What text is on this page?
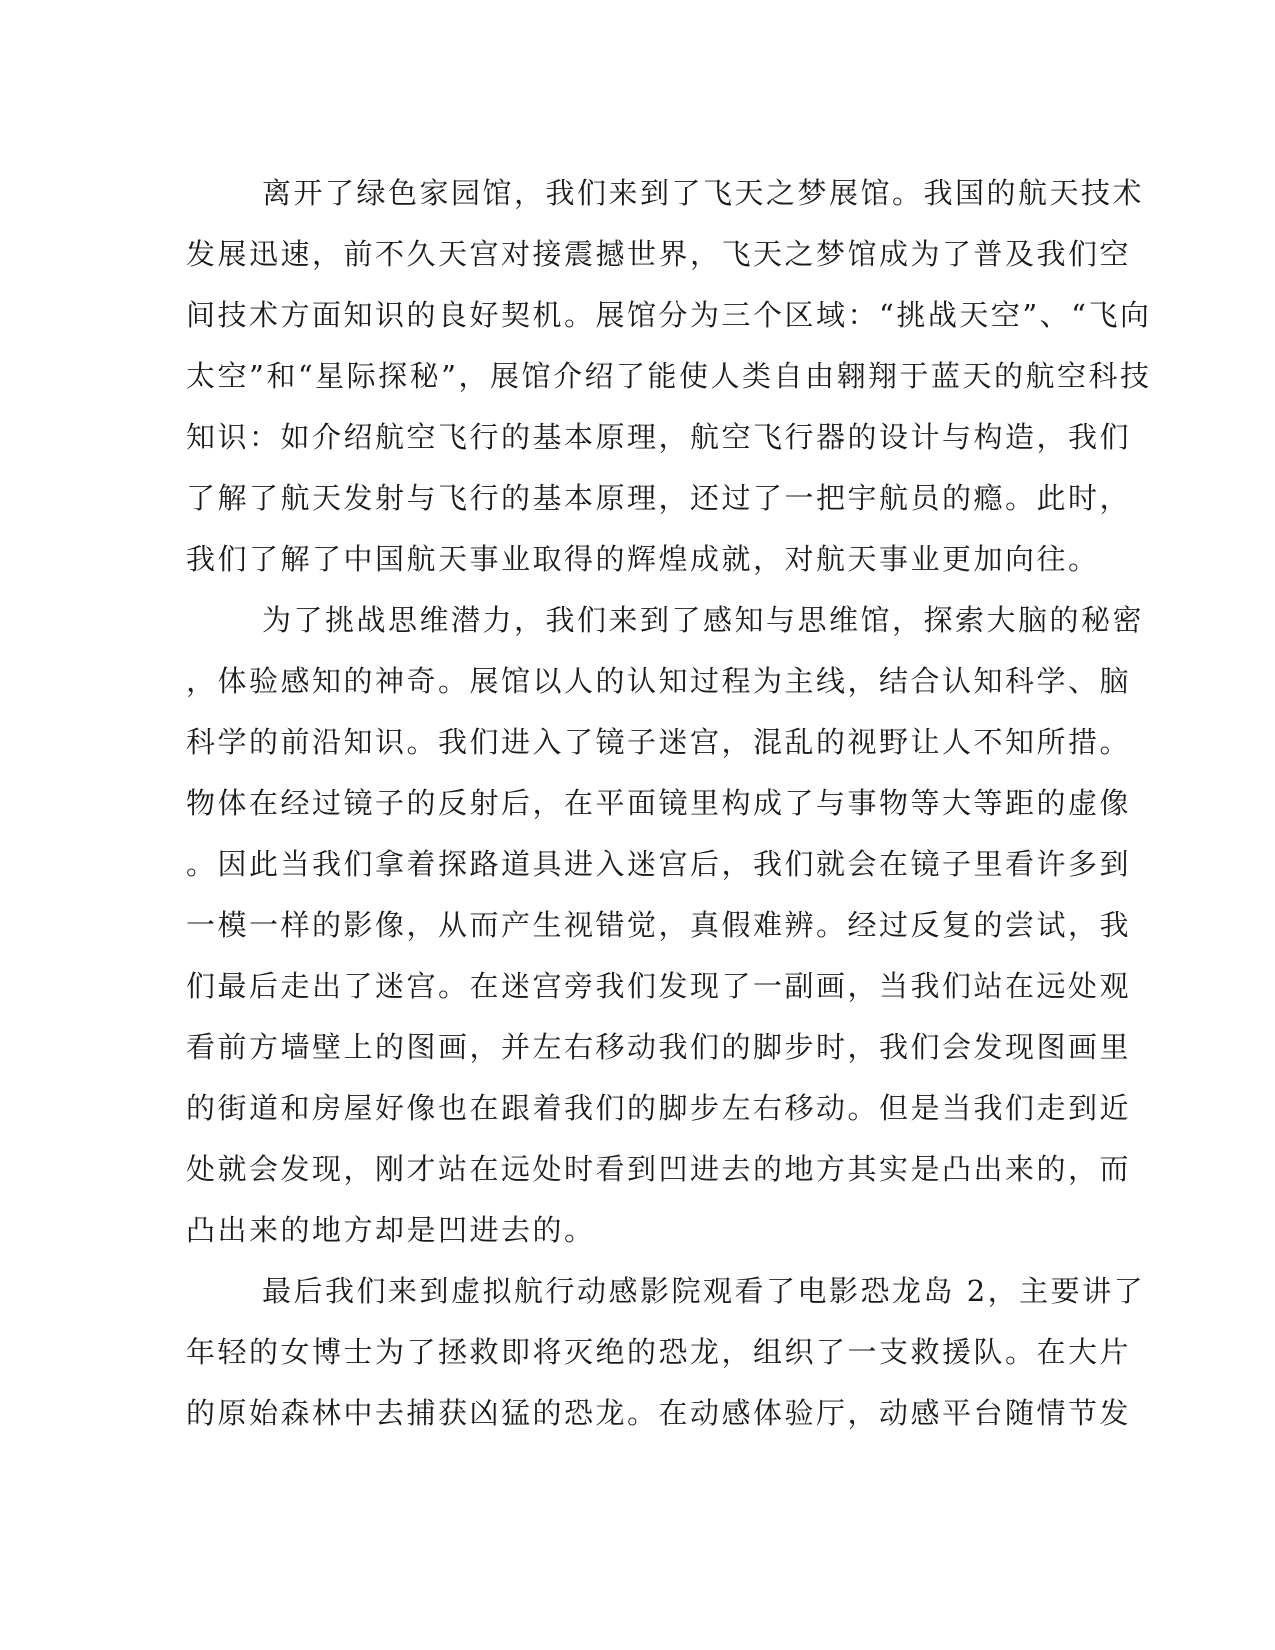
离开了绿色家园馆，我们来到了飞天之梦展馆。我国的航天技术
发展迅速，前不久天宫对接震撼世界，飞天之梦馆成为了普及我们空
间技术方面知识的良好契机。展馆分为三个区域：“挑战天空”、“飞向
太空”和“星际探秘”，展馆介绍了能使人类自由翱翔于蓝天的航空科技
知识：如介绍航空飞行的基本原理，航空飞行器的设计与构造，我们
了解了航天发射与飞行的基本原理，还过了一把宇航员的瘾。此时，
我们了解了中国航天事业取得的辉煌成就，对航天事业更加向往。
为了挑战思维潜力，我们来到了感知与思维馆，探索大脑的秘密
，体验感知的神奇。展馆以人的认知过程为主线，结合认知科学、脑
科学的前沿知识。我们进入了镜子迷宫，混乱的视野让人不知所措。
物体在经过镜子的反射后，在平面镜里构成了与事物等大等距的虚像
。因此当我们拿着探路道具进入迷宫后，我们就会在镜子里看许多到
一模一样的影像，从而产生视错觉，真假难辨。经过反复的尝试，我
们最后走出了迷宫。在迷宫旁我们发现了一副画，当我们站在远处观
看前方墙壁上的图画，并左右移动我们的脚步时，我们会发现图画里
的街道和房屋好像也在跟着我们的脚步左右移动。但是当我们走到近
处就会发现，刚才站在远处时看到凹进去的地方其实是凸出来的，而
凸出来的地方却是凹进去的。
最后我们来到虚拟航行动感影院观看了电影恐龙岛 2，主要讲了
年轻的女博士为了拯救即将灭绝的恐龙，组织了一支救援队。在大片
的原始森林中去捕获凶猛的恐龙。在动感体验厅，动感平台随情节发
